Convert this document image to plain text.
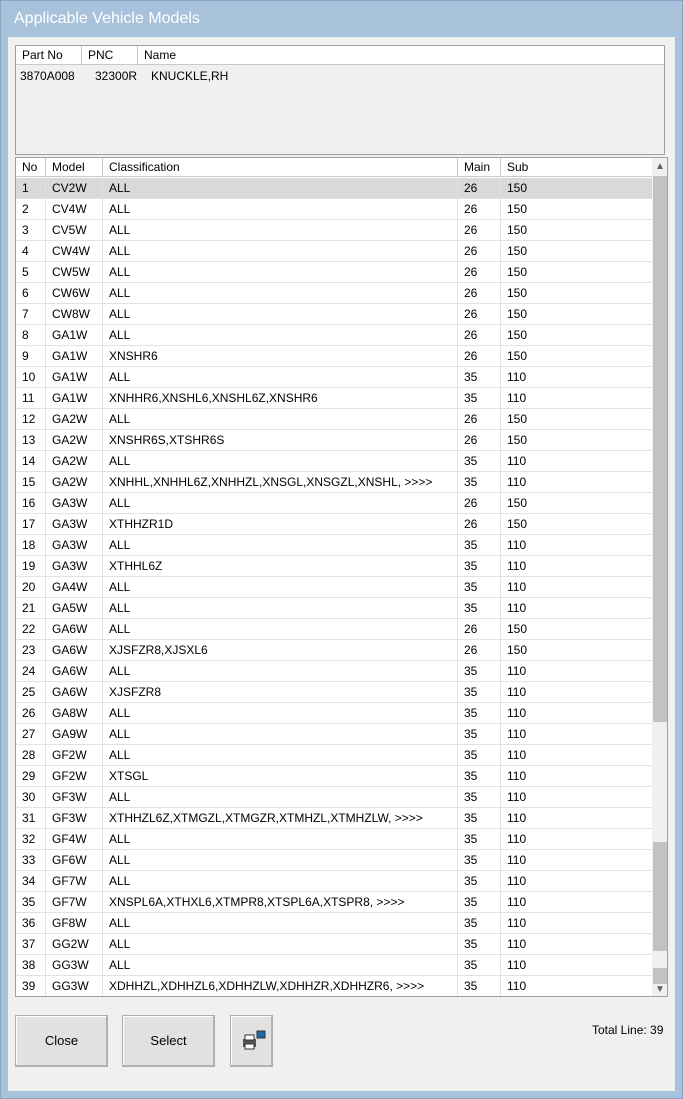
Applicable Vehicle Models
Part No	PNC	Name
3870A008	32300R	KNUCKLE,RH
No	Model	Classification	Main	Sub
1	CV2W	ALL	26	150
2	CV4W	ALL	26	150
3	CV5W	ALL	26	150
4	CW4W	ALL	26	150
5	CW5W	ALL	26	150
6	CW6W	ALL	26	150
7	CW8W	ALL	26	150
8	GA1W	ALL	26	150
9	GA1W	XNSHR6	26	150
10	GA1W	ALL	35	110
11	GA1W	XNHHR6,XNSHL6,XNSHL6Z,XNSHR6	35	110
12	GA2W	ALL	26	150
13	GA2W	XNSHR6S,XTSHR6S	26	150
14	GA2W	ALL	35	110
15	GA2W	XNHHL,XNHHL6Z,XNHHZL,XNSGL,XNSGZL,XNSHL, >>>>	35	110
16	GA3W	ALL	26	150
17	GA3W	XTHHZR1D	26	150
18	GA3W	ALL	35	110
19	GA3W	XTHHL6Z	35	110
20	GA4W	ALL	35	110
21	GA5W	ALL	35	110
22	GA6W	ALL	26	150
23	GA6W	XJSFZR8,XJSXL6	26	150
24	GA6W	ALL	35	110
25	GA6W	XJSFZR8	35	110
26	GA8W	ALL	35	110
27	GA9W	ALL	35	110
28	GF2W	ALL	35	110
29	GF2W	XTSGL	35	110
30	GF3W	ALL	35	110
31	GF3W	XTHHZL6Z,XTMGZL,XTMGZR,XTMHZL,XTMHZLW, >>>>	35	110
32	GF4W	ALL	35	110
33	GF6W	ALL	35	110
34	GF7W	ALL	35	110
35	GF7W	XNSPL6A,XTHXL6,XTMPR8,XTSPL6A,XTSPR8, >>>>	35	110
36	GF8W	ALL	35	110
37	GG2W	ALL	35	110
38	GG3W	ALL	35	110
39	GG3W	XDHHZL,XDHHZL6,XDHHZLW,XDHHZR,XDHHZR6, >>>>	35	110
▲
▼
Close	Select
Total Line: 39
